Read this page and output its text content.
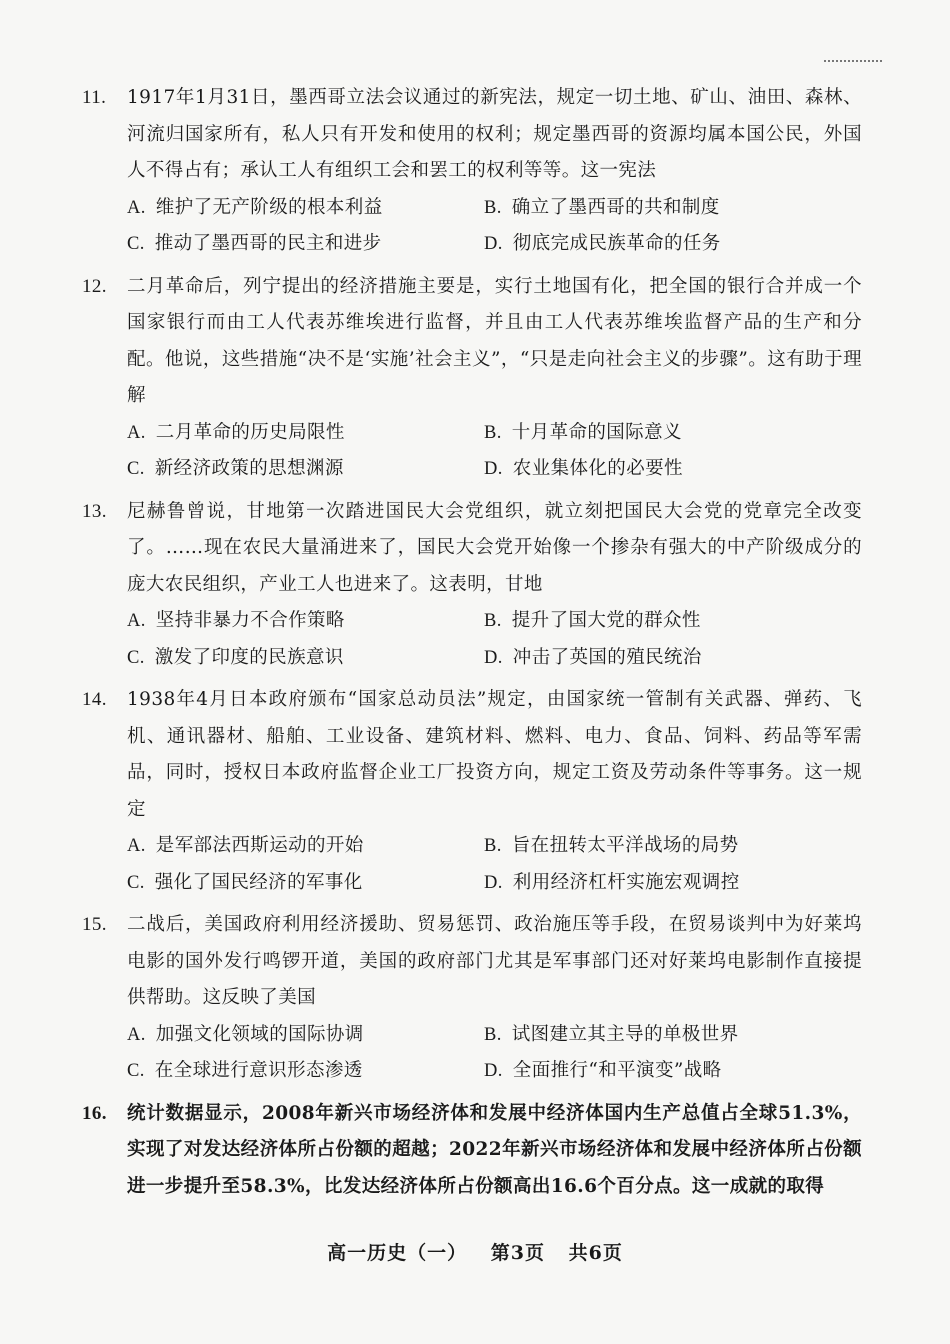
11. 1917年1月31日，墨西哥立法会议通过的新宪法，规定一切土地、矿山、油田、森林、河流归国家所有，私人只有开发和使用的权利；规定墨西哥的资源均属本国公民，外国人不得占有；承认工人有组织工会和罢工的权利等等。这一宪法
A. 维护了无产阶级的根本利益	B. 确立了墨西哥的共和制度
C. 推动了墨西哥的民主和进步	D. 彻底完成民族革命的任务
12. 二月革命后，列宁提出的经济措施主要是，实行土地国有化，把全国的银行合并成一个国家银行而由工人代表苏维埃进行监督，并且由工人代表苏维埃监督产品的生产和分配。他说，这些措施“决不是‘实施’社会主义”，“只是走向社会主义的步骤”。这有助于理解
A. 二月革命的历史局限性	B. 十月革命的国际意义
C. 新经济政策的思想渊源	D. 农业集体化的必要性
13. 尼赫鲁曾说，甘地第一次踏进国民大会党组织，就立刻把国民大会党的党章完全改变了。……现在农民大量涌进来了，国民大会党开始像一个掺杂有强大的中产阶级成分的庞大农民组织，产业工人也进来了。这表明，甘地
A. 坚持非暴力不合作策略	B. 提升了国大党的群众性
C. 激发了印度的民族意识	D. 冲击了英国的殖民统治
14. 1938年4月日本政府颁布“国家总动员法”规定，由国家统一管制有关武器、弹药、飞机、通讯器材、船舶、工业设备、建筑材料、燃料、电力、食品、饲料、药品等军需品，同时，授权日本政府监督企业工厂投资方向，规定工资及劳动条件等事务。这一规定
A. 是军部法西斯运动的开始	B. 旨在扭转太平洋战场的局势
C. 强化了国民经济的军事化	D. 利用经济杠杆实施宏观调控
15. 二战后，美国政府利用经济援助、贸易惩罚、政治施压等手段，在贸易谈判中为好莱坞电影的国外发行鸣锣开道，美国的政府部门尤其是军事部门还对好莱坞电影制作直接提供帮助。这反映了美国
A. 加强文化领域的国际协调	B. 试图建立其主导的单极世界
C. 在全球进行意识形态渗透	D. 全面推行“和平演变”战略
16. 统计数据显示，2008年新兴市场经济体和发展中经济体国内生产总值占全球51.3%，实现了对发达经济体所占份额的超越；2022年新兴市场经济体和发展中经济体所占份额进一步提升至58.3%，比发达经济体所占份额高出16.6个百分点。这一成就的取得
高一历史（一） 第3页 共6页
